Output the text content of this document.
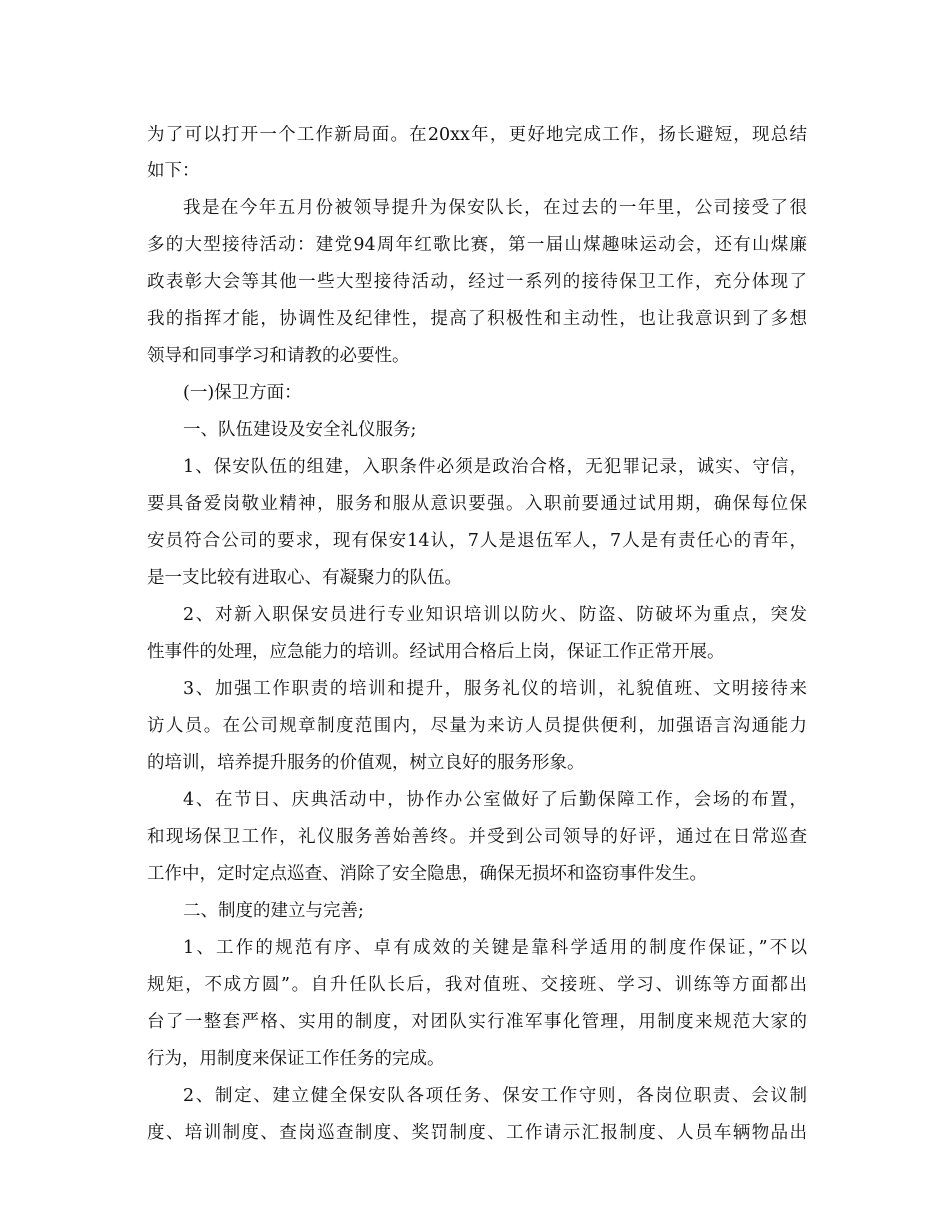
为了可以打开一个工作新局面。在20xx年，更好地完成工作，扬长避短，现总结
如下：
我是在今年五月份被领导提升为保安队长，在过去的一年里，公司接受了很
多的大型接待活动：建党94周年红歌比赛，第一届山煤趣味运动会，还有山煤廉
政表彰大会等其他一些大型接待活动，经过一系列的接待保卫工作，充分体现了
我的指挥才能，协调性及纪律性，提高了积极性和主动性，也让我意识到了多想
领导和同事学习和请教的必要性。
(一)保卫方面：
一、队伍建设及安全礼仪服务;
1、保安队伍的组建，入职条件必须是政治合格，无犯罪记录，诚实、守信，
要具备爱岗敬业精神，服务和服从意识要强。入职前要通过试用期，确保每位保
安员符合公司的要求，现有保安14认，7人是退伍军人，7人是有责任心的青年，
是一支比较有进取心、有凝聚力的队伍。
2、对新入职保安员进行专业知识培训以防火、防盗、防破坏为重点，突发
性事件的处理，应急能力的培训。经试用合格后上岗，保证工作正常开展。
3、加强工作职责的培训和提升，服务礼仪的培训，礼貌值班、文明接待来
访人员。在公司规章制度范围内，尽量为来访人员提供便利，加强语言沟通能力
的培训，培养提升服务的价值观，树立良好的服务形象。
4、在节日、庆典活动中，协作办公室做好了后勤保障工作，会场的布置，
和现场保卫工作，礼仪服务善始善终。并受到公司领导的好评，通过在日常巡查
工作中，定时定点巡查、消除了安全隐患，确保无损坏和盗窃事件发生。
二、制度的建立与完善;
1、工作的规范有序、卓有成效的关键是靠科学适用的制度作保证，”不以
规矩，不成方圆”。自升任队长后，我对值班、交接班、学习、训练等方面都出
台了一整套严格、实用的制度，对团队实行准军事化管理，用制度来规范大家的
行为，用制度来保证工作任务的完成。
2、制定、建立健全保安队各项任务、保安工作守则，各岗位职责、会议制
度、培训制度、查岗巡查制度、奖罚制度、工作请示汇报制度、人员车辆物品出
